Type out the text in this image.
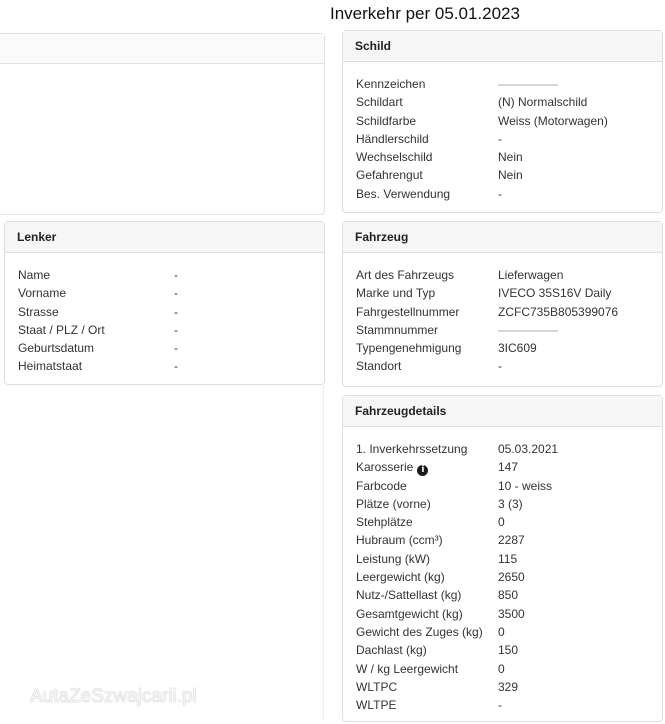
Inverkehr per 05.01.2023
Schild
Kennzeichen
Schildart	(N) Normalschild
Schildfarbe	Weiss (Motorwagen)
Händlerschild	-
Wechselschild	Nein
Gefahrengut	Nein
Bes. Verwendung	-
Lenker
Name	-
Vorname	-
Strasse	-
Staat / PLZ / Ort	-
Geburtsdatum	-
Heimatstaat	-
Fahrzeug
Art des Fahrzeugs	Lieferwagen
Marke und Typ	IVECO 35S16V Daily
Fahrgestellnummer	ZCFC735B805399076
Stammnummer
Typengenehmigung	3IC609
Standort	-
Fahrzeugdetails
1. Inverkehrssetzung	05.03.2021
Karosserie i	147
Farbcode	10 - weiss
Plätze (vorne)	3 (3)
Stehplätze	0
Hubraum (ccm³)	2287
Leistung (kW)	115
Leergewicht (kg)	2650
Nutz-/Sattellast (kg)	850
Gesamtgewicht (kg)	3500
Gewicht des Zuges (kg)	0
Dachlast (kg)	150
W / kg Leergewicht	0
WLTPC	329
WLTPE	-
AutaZeSzwajcarii.pl
